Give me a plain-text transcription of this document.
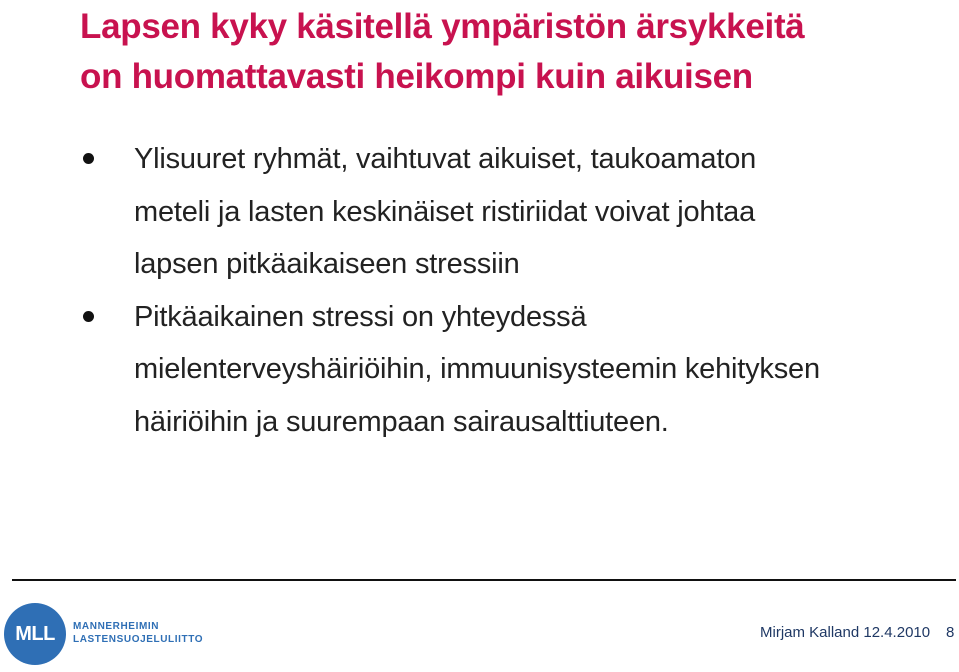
Lapsen kyky käsitellä ympäristön ärsykkeitä
on huomattavasti heikompi kuin aikuisen
Ylisuuret ryhmät, vaihtuvat aikuiset, taukoamaton
meteli ja lasten keskinäiset ristiriidat voivat johtaa
lapsen pitkäaikaiseen stressiin
Pitkäaikainen stressi on yhteydessä
mielenterveyshäiriöihin, immuunisysteemin kehityksen
häiriöihin ja suurempaan sairausalttiuteen.
MLL	MANNERHEIMIN
LASTENSUOJELULIITTO	Mirjam Kalland 12.4.2010 8
